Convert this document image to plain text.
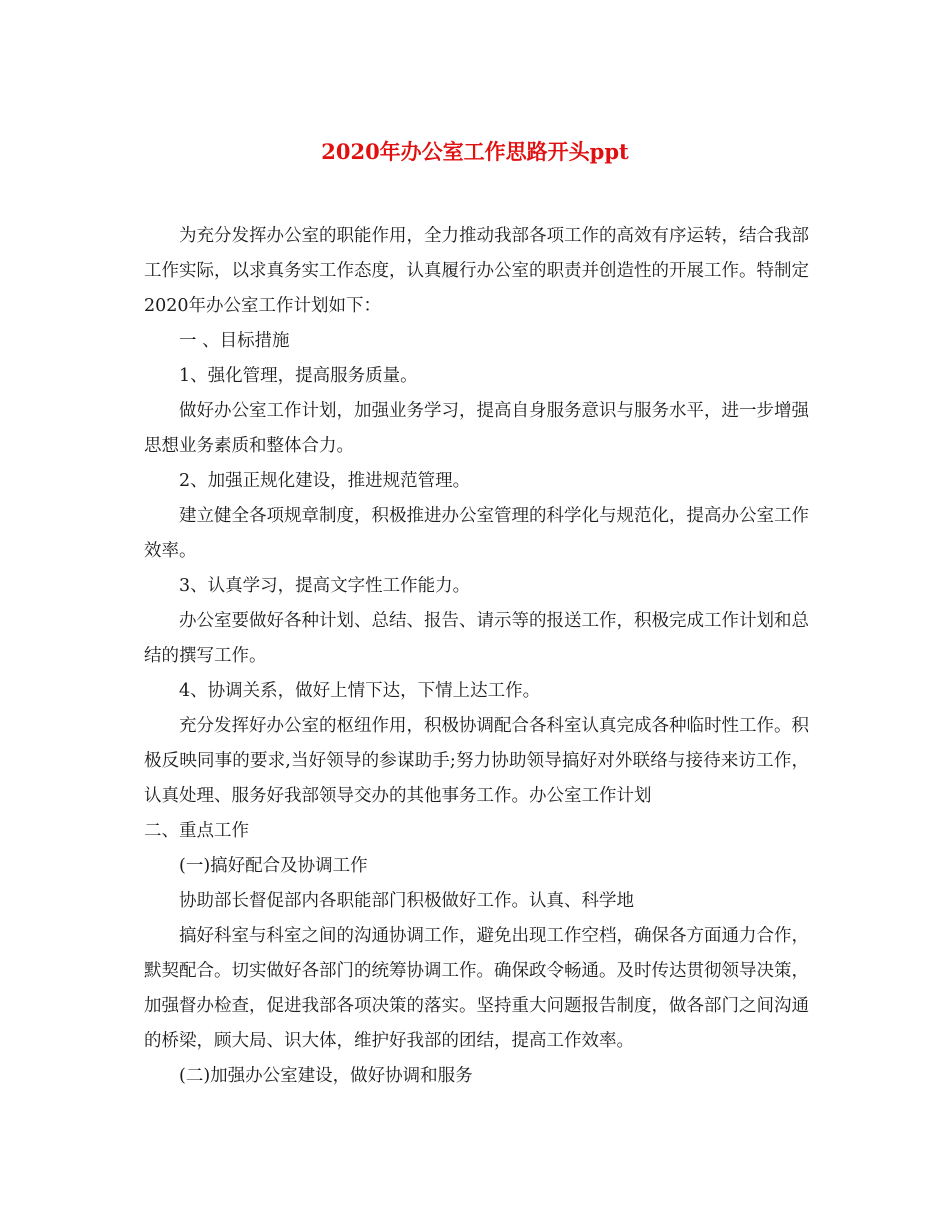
2020年办公室工作思路开头ppt

为充分发挥办公室的职能作用，全力推动我部各项工作的高效有序运转，结合我部工作实际，以求真务实工作态度，认真履行办公室的职责并创造性的开展工作。特制定2020年办公室工作计划如下：

一 、目标措施

1、强化管理，提高服务质量。

做好办公室工作计划，加强业务学习，提高自身服务意识与服务水平，进一步增强思想业务素质和整体合力。

2、加强正规化建设，推进规范管理。

建立健全各项规章制度，积极推进办公室管理的科学化与规范化，提高办公室工作效率。

3、认真学习，提高文字性工作能力。

办公室要做好各种计划、总结、报告、请示等的报送工作，积极完成工作计划和总结的撰写工作。

4、协调关系，做好上情下达，下情上达工作。

充分发挥好办公室的枢纽作用，积极协调配合各科室认真完成各种临时性工作。积极反映同事的要求,当好领导的参谋助手;努力协助领导搞好对外联络与接待来访工作，认真处理、服务好我部领导交办的其他事务工作。办公室工作计划

二、重点工作

(一)搞好配合及协调工作

协助部长督促部内各职能部门积极做好工作。认真、科学地

搞好科室与科室之间的沟通协调工作，避免出现工作空档，确保各方面通力合作，默契配合。切实做好各部门的统筹协调工作。确保政令畅通。及时传达贯彻领导决策，加强督办检查，促进我部各项决策的落实。坚持重大问题报告制度，做各部门之间沟通的桥梁，顾大局、识大体，维护好我部的团结，提高工作效率。

(二)加强办公室建设，做好协调和服务
